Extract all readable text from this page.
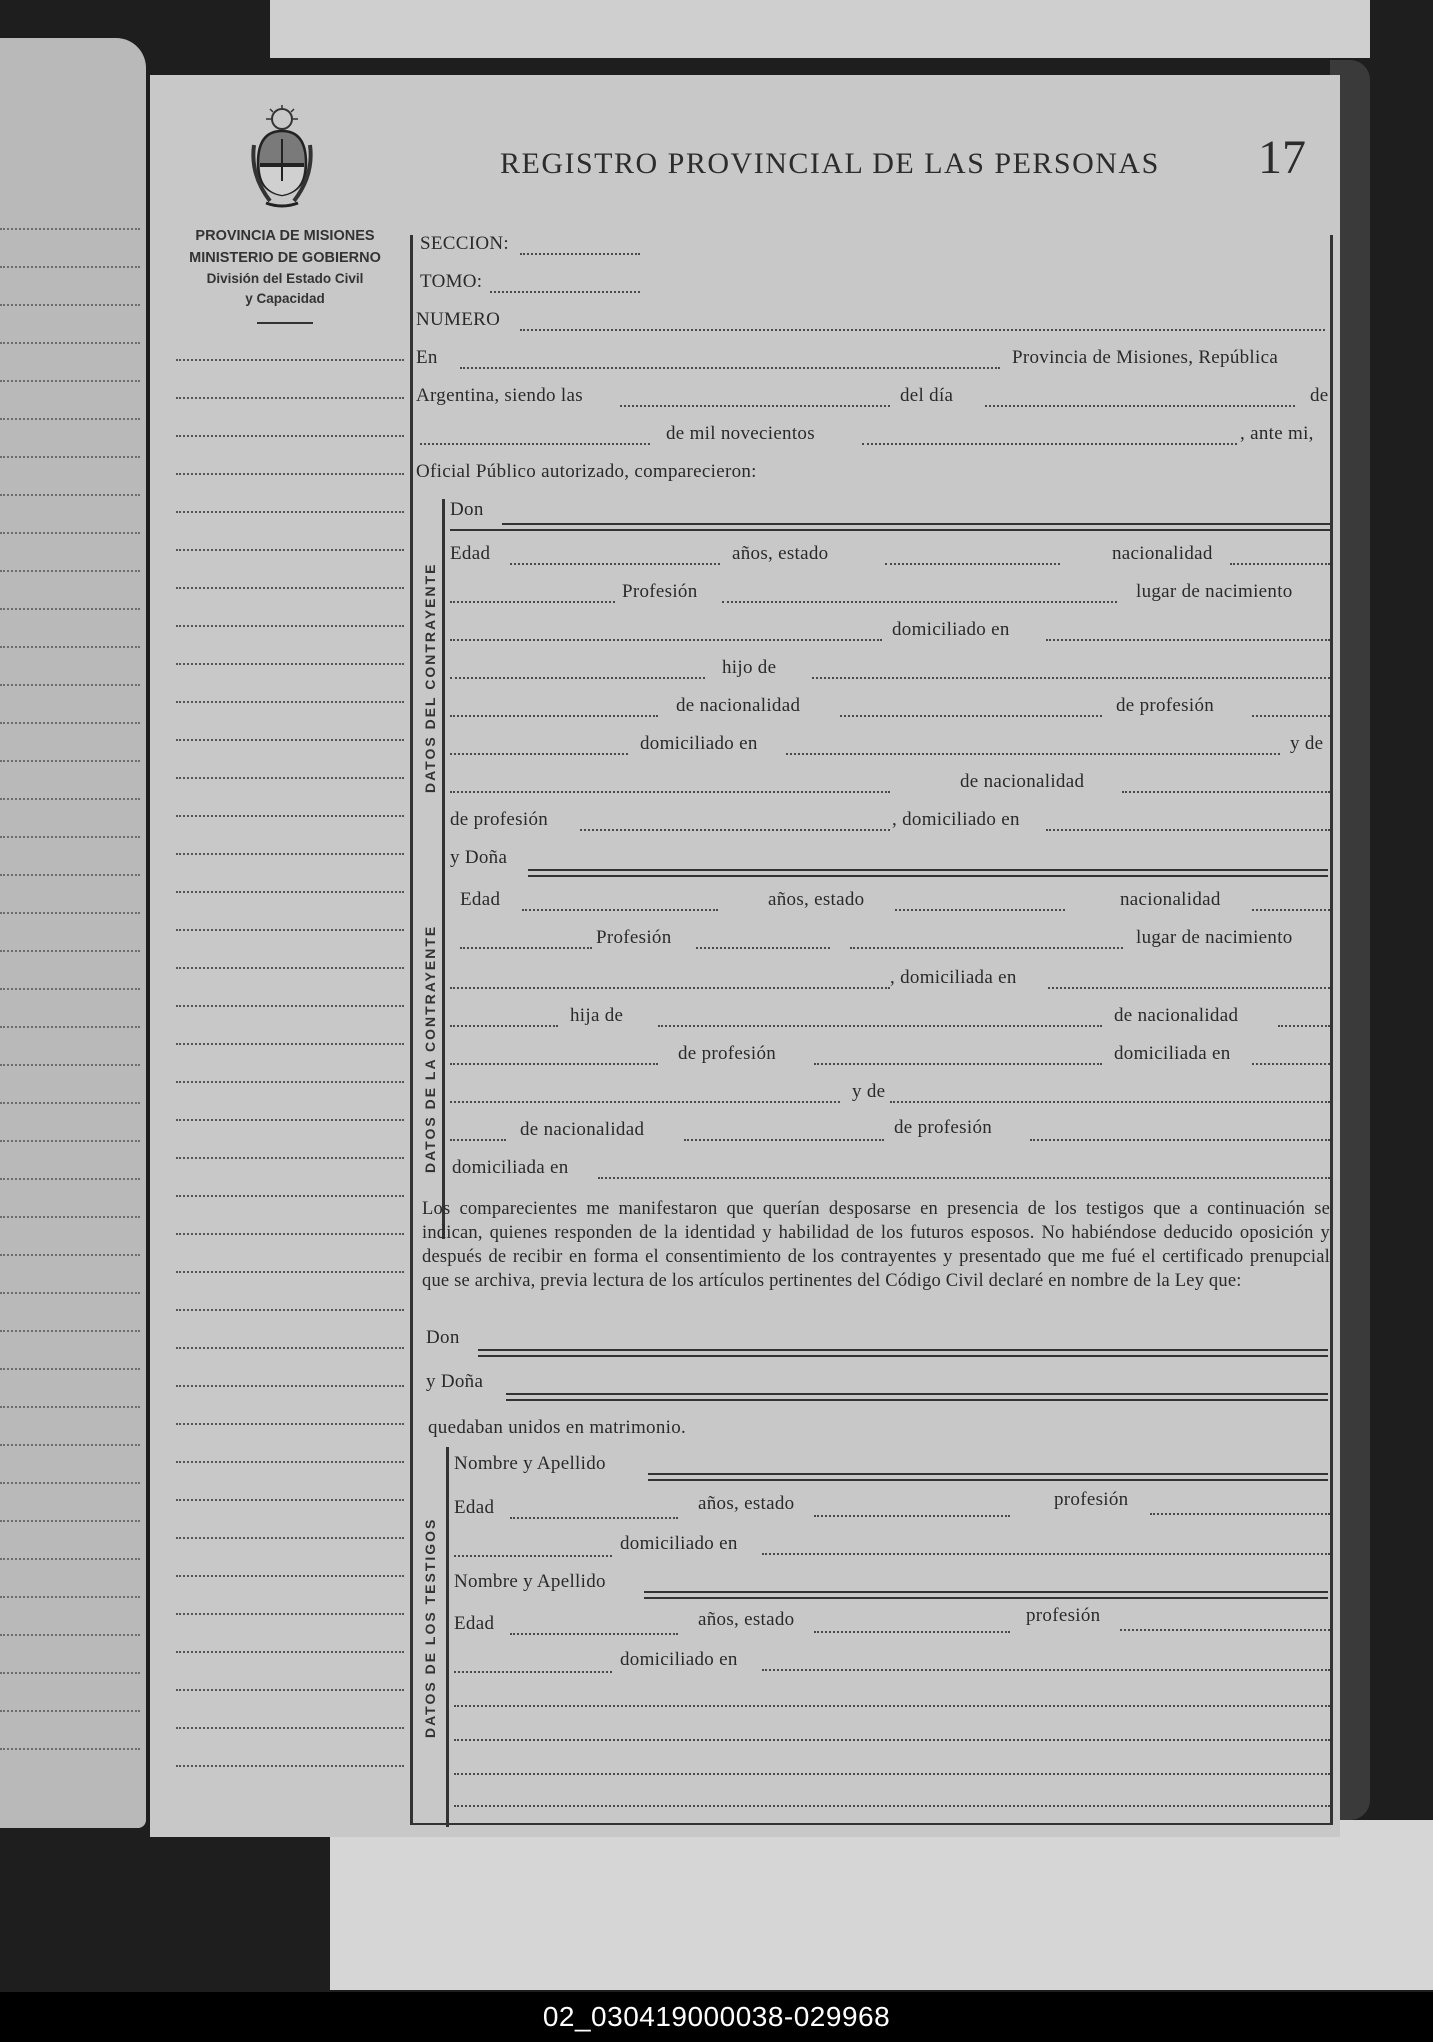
REGISTRO PROVINCIAL DE LAS PERSONAS 17
PROVINCIA DE MISIONES
MINISTERIO DE GOBIERNO
División del Estado Civil
y Capacidad
SECCION:
TOMO:
NUMERO
En	Provincia de Misiones, República
Argentina, siendo las	del día	de
de mil novecientos	, ante mi,
Oficial Público autorizado, comparecieron:
DATOS DEL CONTRAYENTE
Don
Edad	años, estado	nacionalidad
Profesión	lugar de nacimiento
domiciliado en
hijo de
de nacionalidad	de profesión
domiciliado en	y de
de nacionalidad
de profesión	, domiciliado en
DATOS DE LA CONTRAYENTE
y Doña
Edad	años, estado	nacionalidad
Profesión	lugar de nacimiento
, domiciliada en
hija de	de nacionalidad
de profesión	domiciliada en
y de
de nacionalidad	de profesión
domiciliada en
Los comparecientes me manifestaron que querían desposarse en presencia de los testigos que a continuación se indican, quienes responden de la identidad y habilidad de los futuros esposos. No habiéndose deducido oposición y después de recibir en forma el consentimiento de los contrayentes y presentado que me fué el certificado prenupcial que se archiva, previa lectura de los artículos pertinentes del Código Civil declaré en nombre de la Ley que:
Don
y Doña
quedaban unidos en matrimonio.
DATOS DE LOS TESTIGOS
Nombre y Apellido
Edad	años, estado	profesión
domiciliado en
Nombre y Apellido
Edad	años, estado	profesión
domiciliado en
02_030419000038-029968
